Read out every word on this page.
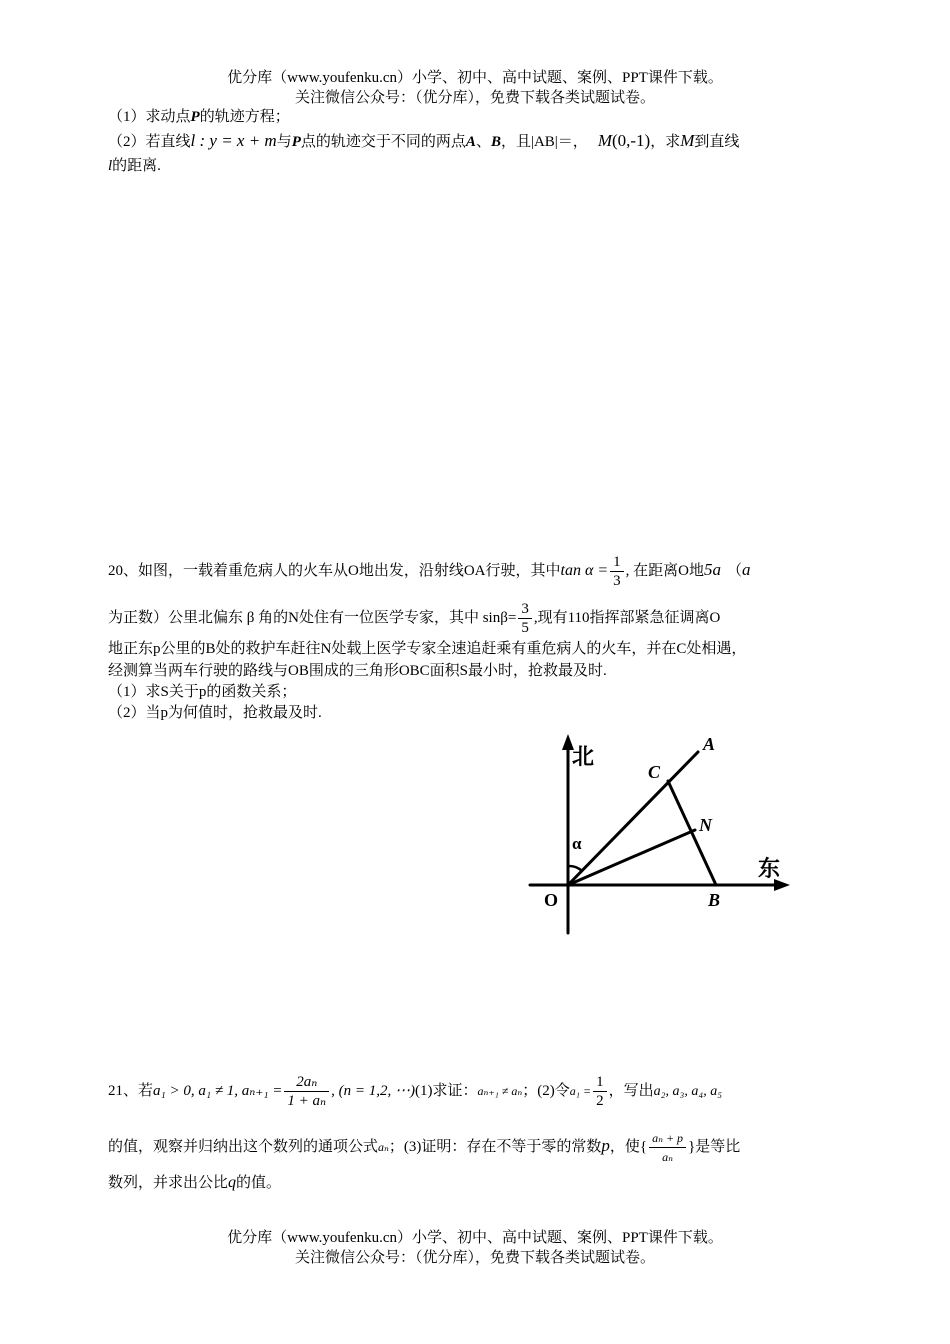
优分库（www.youfenku.cn）小学、初中、高中试题、案例、PPT课件下载。
关注微信公众号：（优分库），免费下载各类试题试卷。
（1）求动点P的轨迹方程；
（2）若直线l : y = x + m与P点的轨迹交于不同的两点A、B，且|AB|＝， M(0,-1)，求M到直线
l的距离.
20、如图，一载着重危病人的火车从O地出发，沿射线OA行驶，其中$\tan \alpha = \frac{1}{3}$ , 在距离O地5a （a
为正数）公里北偏东 β 角的N处住有一位医学专家，其中 $\sin\beta= \frac{3}{5}$ ,现有110指挥部紧急征调离O
地正东p公里的B处的救护车赶往N处载上医学专家全速追赶乘有重危病人的火车，并在C处相遇，
经测算当两车行驶的路线与OB围成的三角形OBC面积S最小时，抢救最及时.
（1）求S关于p的函数关系；
（2）当p为何值时，抢救最及时.
北
东
O
A
C
N
B
α
21、若a₁ > 0, a₁ ≠ 1, $a_{n+1} = \frac{\text{2aₙ}}{\text{1 + aₙ}}$ , (n = 1,2, ⋯)(1)求证：aₙ₊₁ ≠ aₙ；(2)令$a_1 = \frac{1}{2}$ ，写出a₂, a₃, a₄, a₅
的值，观察并归纳出这个数列的通项公式aₙ；(3)证明：存在不等于零的常数p，使{ $\frac{\text{aₙ + p}}{\text{aₙ}}$ }是等比
数列，并求出公比q的值。
优分库（www.youfenku.cn）小学、初中、高中试题、案例、PPT课件下载。
关注微信公众号：（优分库），免费下载各类试题试卷。
